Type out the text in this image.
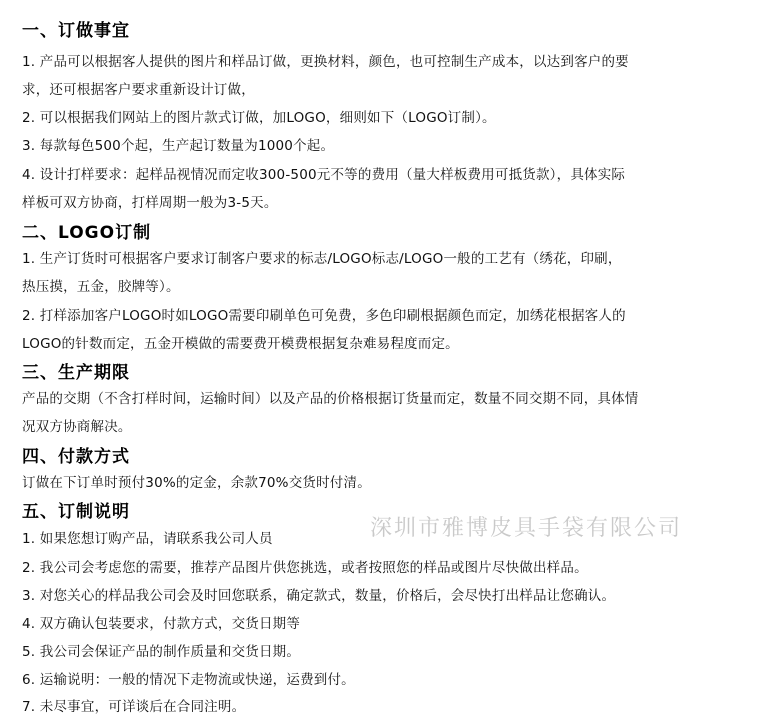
一、订做事宜
1. 产品可以根据客人提供的图片和样品订做，更换材料，颜色，也可控制生产成本，以达到客户的要
求，还可根据客户要求重新设计订做，
2. 可以根据我们网站上的图片款式订做，加LOGO，细则如下（LOGO订制）。
3. 每款每色500个起，生产起订数量为1000个起。
4. 设计打样要求：起样品视情况而定收300-500元不等的费用（量大样板费用可抵货款），具体实际
样板可双方协商，打样周期一般为3-5天。
二、LOGO订制
1. 生产订货时可根据客户要求订制客户要求的标志/LOGO标志/LOGO一般的工艺有（绣花，印刷，
热压摸，五金，胶牌等）。
2. 打样添加客户LOGO时如LOGO需要印刷单色可免费，多色印刷根据颜色而定，加绣花根据客人的
LOGO的针数而定，五金开模做的需要费开模费根据复杂难易程度而定。
三、生产期限
产品的交期（不含打样时间，运输时间）以及产品的价格根据订货量而定，数量不同交期不同，具体情
况双方协商解决。
四、付款方式
订做在下订单时预付30%的定金，余款70%交货时付清。
五、订制说明
1. 如果您想订购产品，请联系我公司人员
2. 我公司会考虑您的需要，推荐产品图片供您挑选，或者按照您的样品或图片尽快做出样品。
3. 对您关心的样品我公司会及时回您联系，确定款式，数量，价格后，会尽快打出样品让您确认。
4. 双方确认包装要求，付款方式，交货日期等
5. 我公司会保证产品的制作质量和交货日期。
6. 运输说明：一般的情况下走物流或快递，运费到付。
7. 未尽事宜，可详谈后在合同注明。
深圳市雅博皮具手袋有限公司
